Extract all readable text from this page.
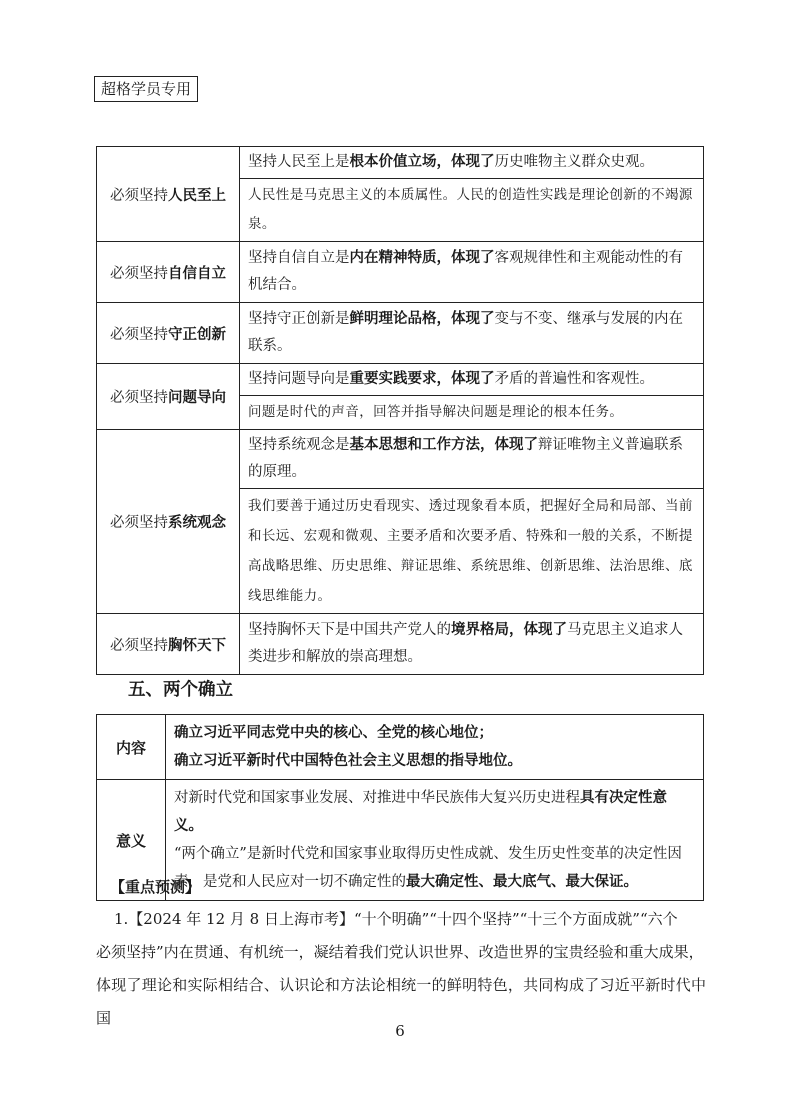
超格学员专用
必须坚持人民至上	坚持人民至上是根本价值立场，体现了历史唯物主义群众史观。
	人民性是马克思主义的本质属性。人民的创造性实践是理论创新的不竭源泉。
必须坚持自信自立	坚持自信自立是内在精神特质，体现了客观规律性和主观能动性的有机结合。
必须坚持守正创新	坚持守正创新是鲜明理论品格，体现了变与不变、继承与发展的内在联系。
必须坚持问题导向	坚持问题导向是重要实践要求，体现了矛盾的普遍性和客观性。
	问题是时代的声音，回答并指导解决问题是理论的根本任务。
必须坚持系统观念	坚持系统观念是基本思想和工作方法，体现了辩证唯物主义普遍联系的原理。
	我们要善于通过历史看现实、透过现象看本质，把握好全局和局部、当前和长远、宏观和微观、主要矛盾和次要矛盾、特殊和一般的关系，不断提高战略思维、历史思维、辩证思维、系统思维、创新思维、法治思维、底线思维能力。
必须坚持胸怀天下	坚持胸怀天下是中国共产党人的境界格局，体现了马克思主义追求人类进步和解放的崇高理想。
五、两个确立
内容	确立习近平同志党中央的核心、全党的核心地位；
确立习近平新时代中国特色社会主义思想的指导地位。

意义	对新时代党和国家事业发展、对推进中华民族伟大复兴历史进程具有决定性意义。
“两个确立”是新时代党和国家事业取得历史性成就、发生历史性变革的决定性因素，是党和人民应对一切不确定性的最大确定性、最大底气、最大保证。
【重点预测】

1.【2024 年 12 月 8 日上海市考】“十个明确”“十四个坚持”“十三个方面成就”“六个
必须坚持”内在贯通、有机统一，凝结着我们党认识世界、改造世界的宝贵经验和重大成果，
体现了理论和实际相结合、认识论和方法论相统一的鲜明特色，共同构成了习近平新时代中国

6
